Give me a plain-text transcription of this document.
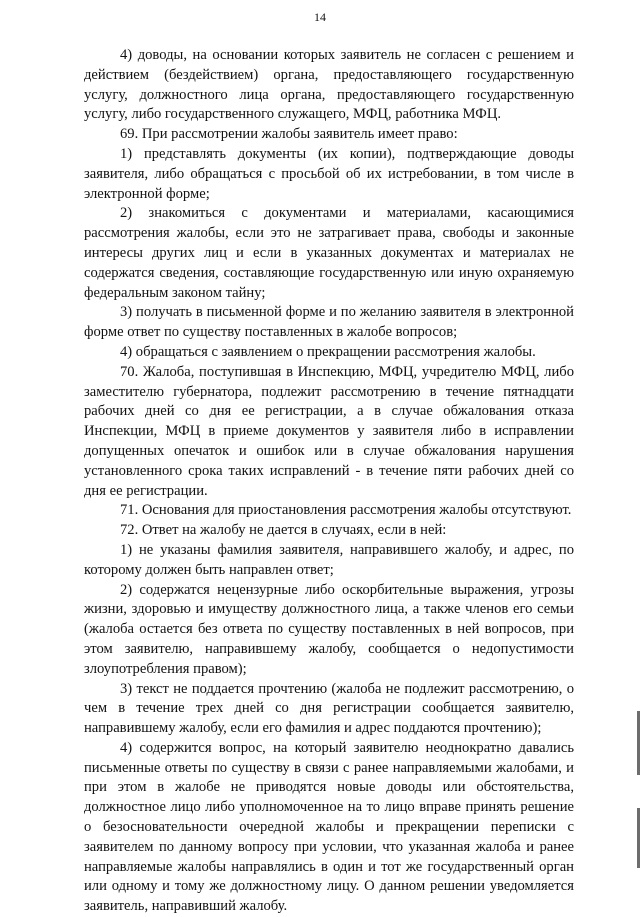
14

4) доводы, на основании которых заявитель не согласен с решением и действием (бездействием) органа, предоставляющего государственную услугу, должностного лица органа, предоставляющего государственную услугу, либо государственного служащего, МФЦ, работника МФЦ.

69. При рассмотрении жалобы заявитель имеет право:

1) представлять документы (их копии), подтверждающие доводы заявителя, либо обращаться с просьбой об их истребовании, в том числе в электронной форме;

2) знакомиться с документами и материалами, касающимися рассмотрения жалобы, если это не затрагивает права, свободы и законные интересы других лиц и если в указанных документах и материалах не содержатся сведения, составляющие государственную или иную охраняемую федеральным законом тайну;

3) получать в письменной форме и по желанию заявителя в электронной форме ответ по существу поставленных в жалобе вопросов;

4) обращаться с заявлением о прекращении рассмотрения жалобы.

70. Жалоба, поступившая в Инспекцию, МФЦ, учредителю МФЦ, либо заместителю губернатора, подлежит рассмотрению в течение пятнадцати рабочих дней со дня ее регистрации, а в случае обжалования отказа Инспекции, МФЦ в приеме документов у заявителя либо в исправлении допущенных опечаток и ошибок или в случае обжалования нарушения установленного срока таких исправлений - в течение пяти рабочих дней со дня ее регистрации.

71. Основания для приостановления рассмотрения жалобы отсутствуют.

72. Ответ на жалобу не дается в случаях, если в ней:

1) не указаны фамилия заявителя, направившего жалобу, и адрес, по которому должен быть направлен ответ;

2) содержатся нецензурные либо оскорбительные выражения, угрозы жизни, здоровью и имуществу должностного лица, а также членов его семьи (жалоба остается без ответа по существу поставленных в ней вопросов, при этом заявителю, направившему жалобу, сообщается о недопустимости злоупотребления правом);

3) текст не поддается прочтению (жалоба не подлежит рассмотрению, о чем в течение трех дней со дня регистрации сообщается заявителю, направившему жалобу, если его фамилия и адрес поддаются прочтению);

4) содержится вопрос, на который заявителю неоднократно давались письменные ответы по существу в связи с ранее направляемыми жалобами, и при этом в жалобе не приводятся новые доводы или обстоятельства, должностное лицо либо уполномоченное на то лицо вправе принять решение о безосновательности очередной жалобы и прекращении переписки с заявителем по данному вопросу при условии, что указанная жалоба и ранее направляемые жалобы направлялись в один и тот же государственный орган или одному и тому же должностному лицу. О данном решении уведомляется заявитель, направивший жалобу.
